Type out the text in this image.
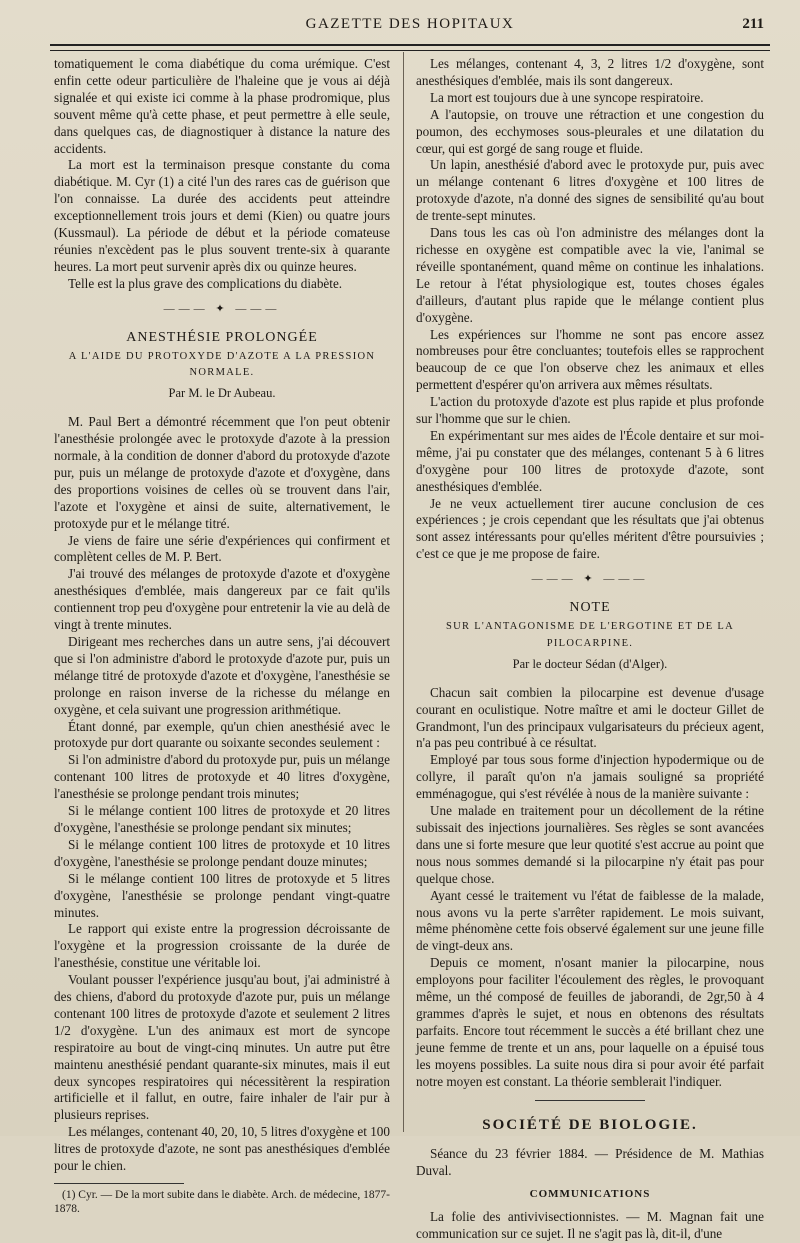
GAZETTE DES HOPITAUX	211

tomatiquement le coma diabétique du coma urémique. C'est enfin cette odeur particulière de l'haleine que je vous ai déjà signalée et qui existe ici comme à la phase prodromique, plus souvent même qu'à cette phase, et peut permettre à elle seule, dans quelques cas, de diagnostiquer à distance la nature des accidents.

La mort est la terminaison presque constante du coma diabétique. M. Cyr (1) a cité l'un des rares cas de guérison que l'on connaisse. La durée des accidents peut atteindre exceptionnellement trois jours et demi (Kien) ou quatre jours (Kussmaul). La période de début et la période comateuse réunies n'excèdent pas le plus souvent trente-six à quarante heures. La mort peut survenir après dix ou quinze heures.

Telle est la plus grave des complications du diabète.

——— ✦ ———
ANESTHÉSIE PROLONGÉE
A L'AIDE DU PROTOXYDE D'AZOTE A LA PRESSION NORMALE.
Par M. le Dr Aubeau.

M. Paul Bert a démontré récemment que l'on peut obtenir l'anesthésie prolongée avec le protoxyde d'azote à la pression normale, à la condition de donner d'abord du protoxyde d'azote pur, puis un mélange de protoxyde d'azote et d'oxygène, dans des proportions voisines de celles où se trouvent dans l'air, l'azote et l'oxygène et ainsi de suite, alternativement, le protoxyde pur et le mélange titré.

Je viens de faire une série d'expériences qui confirment et complètent celles de M. P. Bert.

J'ai trouvé des mélanges de protoxyde d'azote et d'oxygène anesthésiques d'emblée, mais dangereux par ce fait qu'ils contiennent trop peu d'oxygène pour entretenir la vie au delà de vingt à trente minutes.

Dirigeant mes recherches dans un autre sens, j'ai découvert que si l'on administre d'abord le protoxyde d'azote pur, puis un mélange titré de protoxyde d'azote et d'oxygène, l'anesthésie se prolonge en raison inverse de la richesse du mélange en oxygène, et cela suivant une progression arithmétique.

Étant donné, par exemple, qu'un chien anesthésié avec le protoxyde pur dort quarante ou soixante secondes seulement :

Si l'on administre d'abord du protoxyde pur, puis un mélange contenant 100 litres de protoxyde et 40 litres d'oxygène, l'anesthésie se prolonge pendant trois minutes;

Si le mélange contient 100 litres de protoxyde et 20 litres d'oxygène, l'anesthésie se prolonge pendant six minutes;

Si le mélange contient 100 litres de protoxyde et 10 litres d'oxygène, l'anesthésie se prolonge pendant douze minutes;

Si le mélange contient 100 litres de protoxyde et 5 litres d'oxygène, l'anesthésie se prolonge pendant vingt-quatre minutes.

Le rapport qui existe entre la progression décroissante de l'oxygène et la progression croissante de la durée de l'anesthésie, constitue une véritable loi.

Voulant pousser l'expérience jusqu'au bout, j'ai administré à des chiens, d'abord du protoxyde d'azote pur, puis un mélange contenant 100 litres de protoxyde d'azote et seulement 2 litres 1/2 d'oxygène. L'un des animaux est mort de syncope respiratoire au bout de vingt-cinq minutes. Un autre put être maintenu anesthésié pendant quarante-six minutes, mais il eut deux syncopes respiratoires qui nécessitèrent la respiration artificielle et il fallut, en outre, faire inhaler de l'air pur à plusieurs reprises.

Les mélanges, contenant 40, 20, 10, 5 litres d'oxygène et 100 litres de protoxyde d'azote, ne sont pas anesthésiques d'emblée pour le chien.

(1) Cyr. — De la mort subite dans le diabète. Arch. de médecine, 1877-1878.

Les mélanges, contenant 4, 3, 2 litres 1/2 d'oxygène, sont anesthésiques d'emblée, mais ils sont dangereux.

La mort est toujours due à une syncope respiratoire.

A l'autopsie, on trouve une rétraction et une congestion du poumon, des ecchymoses sous-pleurales et une dilatation du cœur, qui est gorgé de sang rouge et fluide.

Un lapin, anesthésié d'abord avec le protoxyde pur, puis avec un mélange contenant 6 litres d'oxygène et 100 litres de protoxyde d'azote, n'a donné des signes de sensibilité qu'au bout de trente-sept minutes.

Dans tous les cas où l'on administre des mélanges dont la richesse en oxygène est compatible avec la vie, l'animal se réveille spontanément, quand même on continue les inhalations. Le retour à l'état physiologique est, toutes choses égales d'ailleurs, d'autant plus rapide que le mélange contient plus d'oxygène.

Les expériences sur l'homme ne sont pas encore assez nombreuses pour être concluantes; toutefois elles se rapprochent beaucoup de ce que l'on observe chez les animaux et elles permettent d'espérer qu'on arrivera aux mêmes résultats.

L'action du protoxyde d'azote est plus rapide et plus profonde sur l'homme que sur le chien.

En expérimentant sur mes aides de l'École dentaire et sur moi-même, j'ai pu constater que des mélanges, contenant 5 à 6 litres d'oxygène pour 100 litres de protoxyde d'azote, sont anesthésiques d'emblée.

Je ne veux actuellement tirer aucune conclusion de ces expériences ; je crois cependant que les résultats que j'ai obtenus sont assez intéressants pour qu'elles méritent d'être poursuivies ; c'est ce que je me propose de faire.

——— ✦ ———
NOTE
SUR L'ANTAGONISME DE L'ERGOTINE ET DE LA PILOCARPINE.
Par le docteur Sédan (d'Alger).

Chacun sait combien la pilocarpine est devenue d'usage courant en oculistique. Notre maître et ami le docteur Gillet de Grandmont, l'un des principaux vulgarisateurs du précieux agent, n'a pas peu contribué à ce résultat.

Employé par tous sous forme d'injection hypodermique ou de collyre, il paraît qu'on n'a jamais souligné sa propriété emménagogue, qui s'est révélée à nous de la manière suivante :

Une malade en traitement pour un décollement de la rétine subissait des injections journalières. Ses règles se sont avancées dans une si forte mesure que leur quotité s'est accrue au point que nous nous sommes demandé si la pilocarpine n'y était pas pour quelque chose.

Ayant cessé le traitement vu l'état de faiblesse de la malade, nous avons vu la perte s'arrêter rapidement. Le mois suivant, même phénomène cette fois observé également sur une jeune fille de vingt-deux ans.

Depuis ce moment, n'osant manier la pilocarpine, nous employons pour faciliter l'écoulement des règles, le provoquant même, un thé composé de feuilles de jaborandi, de 2gr,50 à 4 grammes d'après le sujet, et nous en obtenons des résultats parfaits. Encore tout récemment le succès a été brillant chez une jeune femme de trente et un ans, pour laquelle on a épuisé tous les moyens possibles. La suite nous dira si pour avoir été parfait notre moyen est constant. La théorie semblerait l'indiquer.

SOCIÉTÉ DE BIOLOGIE.

Séance du 23 février 1884. — Présidence de M. Mathias Duval.

COMMUNICATIONS

La folie des antivivisectionnistes. — M. Magnan fait une communication sur ce sujet. Il ne s'agit pas là, dit-il, d'une
